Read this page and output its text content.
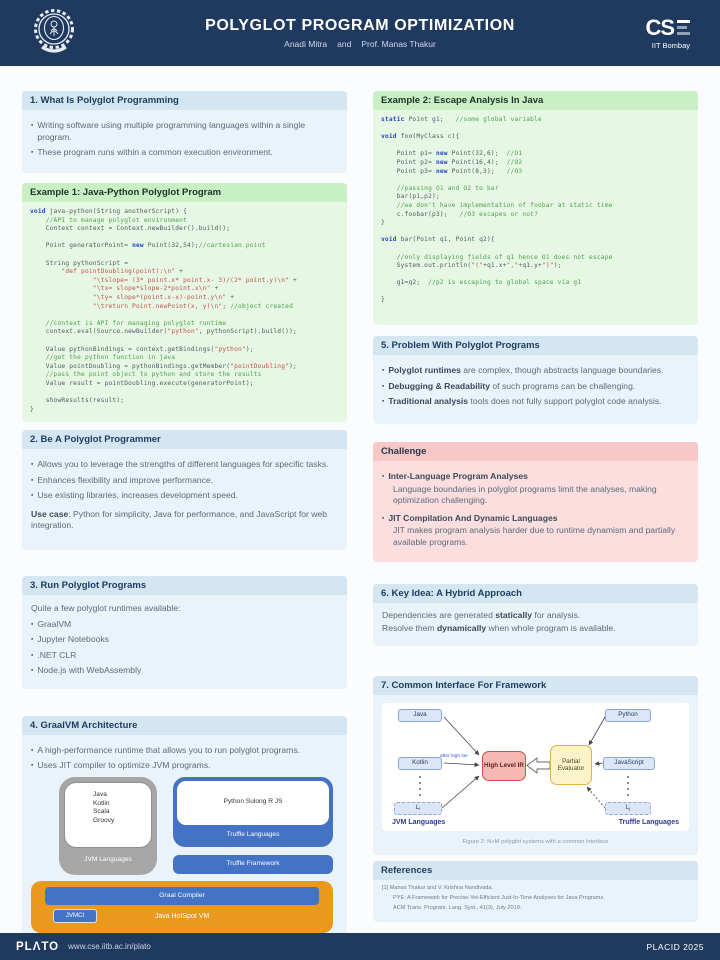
POLYGLOT PROGRAM OPTIMIZATION
Anadi Mitra and Prof. Manas Thakur
CS
IIT Bombay
1. What Is Polyglot Programming
▪ Writing software using multiple programming languages within a single program.
▪ These program runs within a common execution environment.
Example 1: Java-Python Polyglot Program
void java-python(String anotherScript) {
//API to manage polyglot environment
Context context = Context.newBuilder().build();

Point generatorPoint= new Point(32,54);//cartesian point

String pythonScript =
"def pointDoubling(point):\n" +
"\tslope= (3* point.x* point.x- 3)/(2* point.y)\n" +
"\tx= slope*slope-2*point.x\n" +
"\ty= slope*(point.x-x)-point.y\n" +
"\treturn Point.newPoint(x, y)\n"; //object created

//context is API for managing polyglot runtime
context.eval(Source.newBuilder("python", pythonScript).build());

Value pythonBindings = context.getBindings("python");
//get the python function in java
Value pointDoubling = pythonBindings.getMember("pointDoubling");
//pass the point object to python and store the results
Value result = pointDoubling.execute(generatorPoint);

showResults(result);
}
2. Be A Polyglot Programmer
▪ Allows you to leverage the strengths of different languages for specific tasks.
▪ Enhances flexibility and improve performance.
▪ Use existing libraries, increases development speed.
Use case: Python for simplicity, Java for performance, and JavaScript for web integration.
3. Run Polyglot Programs
Quite a few polyglot runtimes available:
▪ GraalVM
▪ Jupyter Notebooks
▪ .NET CLR
▪ Node.js with WebAssembly
4. GraalVM Architecture
▪ A high-performance runtime that allows you to run polyglot programs.
▪ Uses JIT compiler to optimize JVM programs.
Java
Kotlin
Scala
Groovy
JVM Languages
Python Sulong R JS
Truffle Languages
Truffle Framework
Graal Compiler
JVMCI	Java HotSpot VM
Example 2: Escape Analysis In Java
static Point g1;   //some global variable

void foo(MyClass c){

Point p1= new Point(32,6);  //O1
Point p2= new Point(16,4);  //O2
Point p3= new Point(8,3);   //O3

//passing O1 and O2 to bar
bar(p1,p2);
//we don't have implementation of foobar at static time
c.foobar(p3);   //O3 escapes or not?
}

void bar(Point q1, Point q2){

//only displaying fields of q1 hence O1 does not escape
System.out.println("("+q1.x+","+q1.y+")");

g1=q2;  //p2 is escaping to global space via g1

}
5. Problem With Polyglot Programs
▪ Polyglot runtimes are complex, though abstracts language boundaries.
▪ Debugging & Readability of such programs can be challenging.
▪ Traditional analysis tools does not fully support polyglot code analysis.
Challenge
▪ Inter-Language Program Analyses
Language boundaries in polyglot programs limit the analyses, making optimization challenging.
▪ JIT Compilation And Dynamic Languages
JIT makes program analysis harder due to runtime dynamism and partially available programs.
6. Key Idea: A Hybrid Approach
Dependencies are generated statically for analysis.
Resolve them dynamically when whole program is available.
7. Common Interface For Framework
Java
Kotlin
L i
Python
JavaScript
L j
High Level IR
Partial Evaluator
after high tier
JVM Languages	Truffle Languages
Figure 2: N+M polyglot systems with a common interface
References
[1] Manas Thakur and V. Krishna Nandivada.
PYE: A Framework for Precise-Yet-Efficient Just-In-Time Analyses for Java Programs.
ACM Trans. Program. Lang. Syst., 41(3), July 2019.
PLΛTO www.cse.iitb.ac.in/plato	PLACID 2025
